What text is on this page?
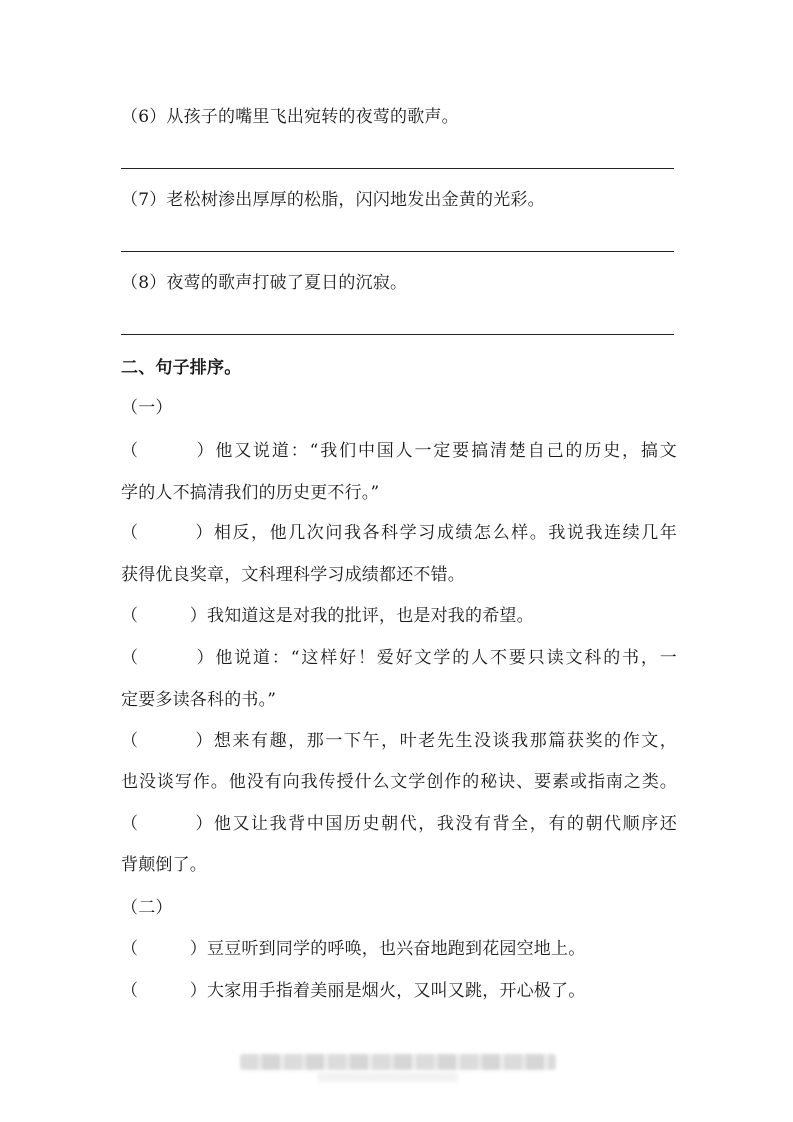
（6）从孩子的嘴里飞出宛转的夜莺的歌声。
（7）老松树渗出厚厚的松脂，闪闪地发出金黄的光彩。
（8）夜莺的歌声打破了夏日的沉寂。
二、句子排序。
（一）
（　　　）他又说道：“我们中国人一定要搞清楚自己的历史，搞文
学的人不搞清我们的历史更不行。”
（　　　）相反，他几次问我各科学习成绩怎么样。我说我连续几年
获得优良奖章，文科理科学习成绩都还不错。
（　　　）我知道这是对我的批评，也是对我的希望。
（　　　）他说道：“这样好！爱好文学的人不要只读文科的书，一
定要多读各科的书。”
（　　　）想来有趣，那一下午，叶老先生没谈我那篇获奖的作文，
也没谈写作。他没有向我传授什么文学创作的秘诀、要素或指南之类。
（　　　）他又让我背中国历史朝代，我没有背全，有的朝代顺序还
背颠倒了。
（二）
（　　　）豆豆听到同学的呼唤，也兴奋地跑到花园空地上。
（　　　）大家用手指着美丽是烟火，又叫又跳，开心极了。
